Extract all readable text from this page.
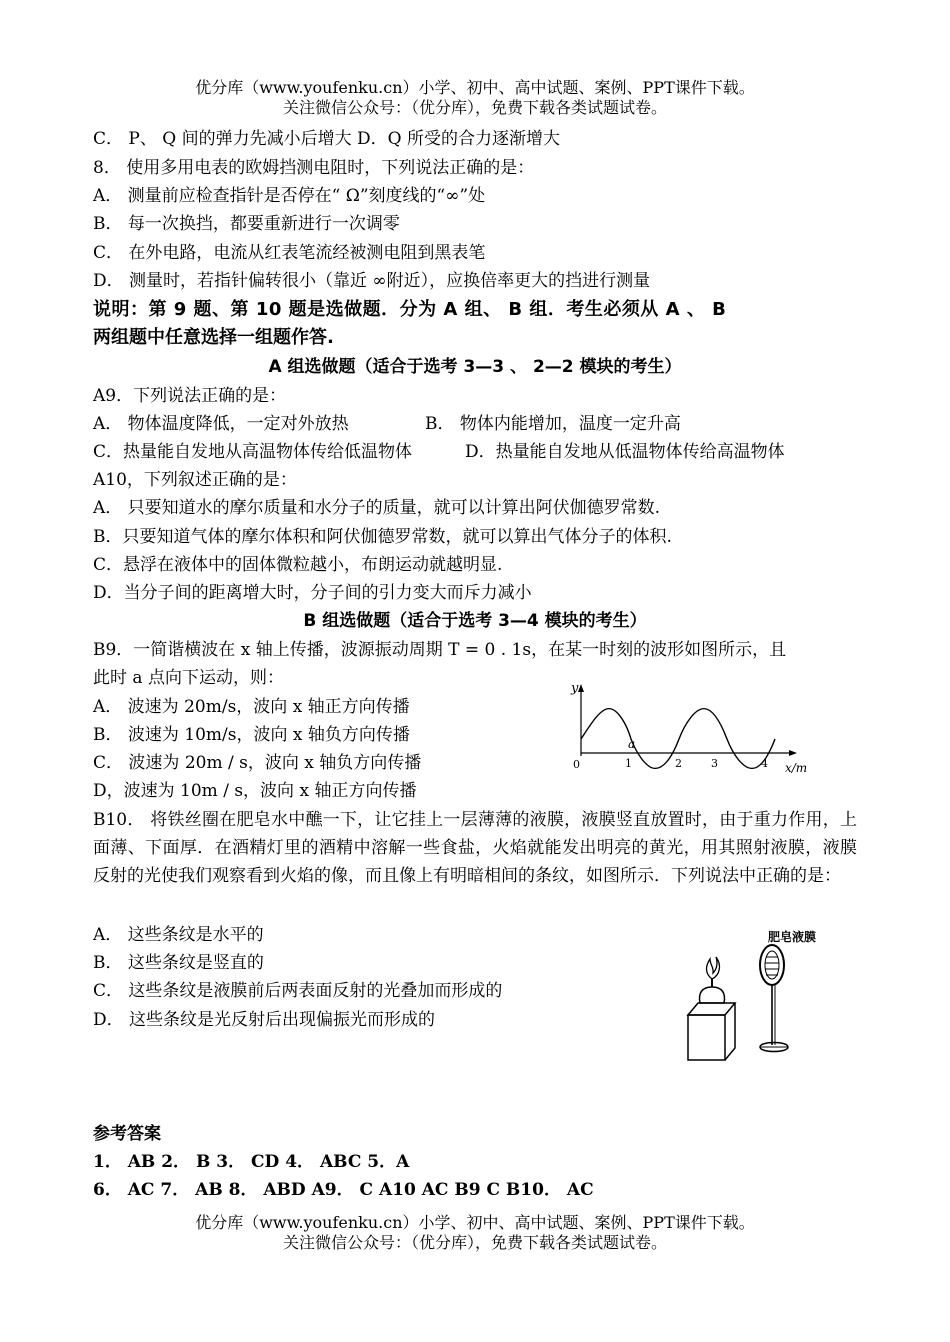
优分库（www.youfenku.cn）小学、初中、高中试题、案例、PPT课件下载。
关注微信公众号：（优分库），免费下载各类试题试卷。
C． P、 Q 间的弹力先减小后增大 D．Q 所受的合力逐渐增大
8． 使用多用电表的欧姆挡测电阻时，下列说法正确的是：
A． 测量前应检查指针是否停在“ Ω”刻度线的“∞”处
B． 每一次换挡，都要重新进行一次调零
C． 在外电路，电流从红表笔流经被测电阻到黑表笔
D． 测量时，若指针偏转很小（靠近 ∞附近），应换倍率更大的挡进行测量
说明：第 9 题、第 10 题是选做题．分为 A 组、 B 组．考生必须从 A 、 B
两组题中任意选择一组题作答.
A 组选做题（适合于选考 3—3 、 2—2 模块的考生）
A9．下列说法正确的是：
A． 物体温度降低，一定对外放热	B． 物体内能增加，温度一定升高
C．热量能自发地从高温物体传给低温物体	D．热量能自发地从低温物体传给高温物体
A10，下列叙述正确的是：
A． 只要知道水的摩尔质量和水分子的质量，就可以计算出阿伏伽德罗常数.
B．只要知道气体的摩尔体积和阿伏伽德罗常数，就可以算出气体分子的体积.
C．悬浮在液体中的固体微粒越小，布朗运动就越明显.
D．当分子间的距离增大时，分子间的引力变大而斥力减小
B 组选做题（适合于选考 3—4 模块的考生）
B9．一简谐横波在 x 轴上传播，波源振动周期 T = 0 . 1s，在某一时刻的波形如图所示，且
此时 a 点向下运动，则：
A． 波速为 20m/s，波向 x 轴正方向传播
B． 波速为 10m/s，波向 x 轴负方向传播
C． 波速为 20m / s，波向 x 轴负方向传播
D，波速为 10m / s，波向 x 轴正方向传播
y
0
a
1	2	3	4 x/m
B10． 将铁丝圈在肥皂水中醮一下，让它挂上一层薄薄的液膜，液膜竖直放置时，由于重力作用，上面薄、下面厚．在酒精灯里的酒精中溶解一些食盐，火焰就能发出明亮的黄光，用其照射液膜，液膜反射的光使我们观察看到火焰的像，而且像上有明暗相间的条纹，如图所示．下列说法中正确的是：
A． 这些条纹是水平的
B． 这些条纹是竖直的
C． 这些条纹是液膜前后两表面反射的光叠加而形成的
D． 这些条纹是光反射后出现偏振光而形成的
肥皂液膜
参考答案
1． AB 2． B 3． CD 4． ABC 5．A
6． AC 7． AB 8． ABD A9． C A10 AC B9 C B10． AC
优分库（www.youfenku.cn）小学、初中、高中试题、案例、PPT课件下载。
关注微信公众号：（优分库），免费下载各类试题试卷。
